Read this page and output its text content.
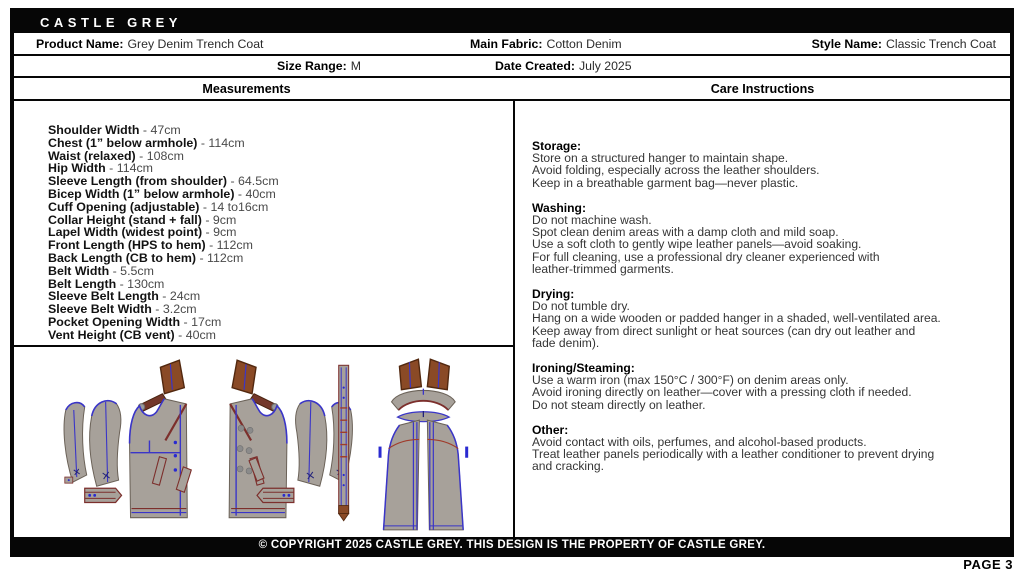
CASTLE GREY
Product Name: Grey Denim Trench Coat	Main Fabric: Cotton Denim	Style Name: Classic Trench Coat
Size Range: M	Date Created: July 2025
Measurements	Care Instructions
Shoulder Width - 47cm
Chest (1” below armhole) - 114cm
Waist (relaxed) - 108cm
Hip Width - 114cm
Sleeve Length (from shoulder) - 64.5cm
Bicep Width (1” below armhole) - 40cm
Cuff Opening (adjustable) - 14 to16cm
Collar Height (stand + fall) - 9cm
Lapel Width (widest point) - 9cm
Front Length (HPS to hem) - 112cm
Back Length (CB to hem) - 112cm
Belt Width - 5.5cm
Belt Length - 130cm
Sleeve Belt Length - 24cm
Sleeve Belt Width - 3.2cm
Pocket Opening Width - 17cm
Vent Height (CB vent) - 40cm
Storage:
Store on a structured hanger to maintain shape.
Avoid folding, especially across the leather shoulders.
Keep in a breathable garment bag—never plastic.
Washing:
Do not machine wash.
Spot clean denim areas with a damp cloth and mild soap.
Use a soft cloth to gently wipe leather panels—avoid soaking.
For full cleaning, use a professional dry cleaner experienced with
leather-trimmed garments.
Drying:
Do not tumble dry.
Hang on a wide wooden or padded hanger in a shaded, well-ventilated area.
Keep away from direct sunlight or heat sources (can dry out leather and
fade denim).
Ironing/Steaming:
Use a warm iron (max 150°C / 300°F) on denim areas only.
Avoid ironing directly on leather—cover with a pressing cloth if needed.
Do not steam directly on leather.
Other:
Avoid contact with oils, perfumes, and alcohol-based products.
Treat leather panels periodically with a leather conditioner to prevent drying
and cracking.
© COPYRIGHT 2025 CASTLE GREY. THIS DESIGN IS THE PROPERTY OF CASTLE GREY.
PAGE 3
